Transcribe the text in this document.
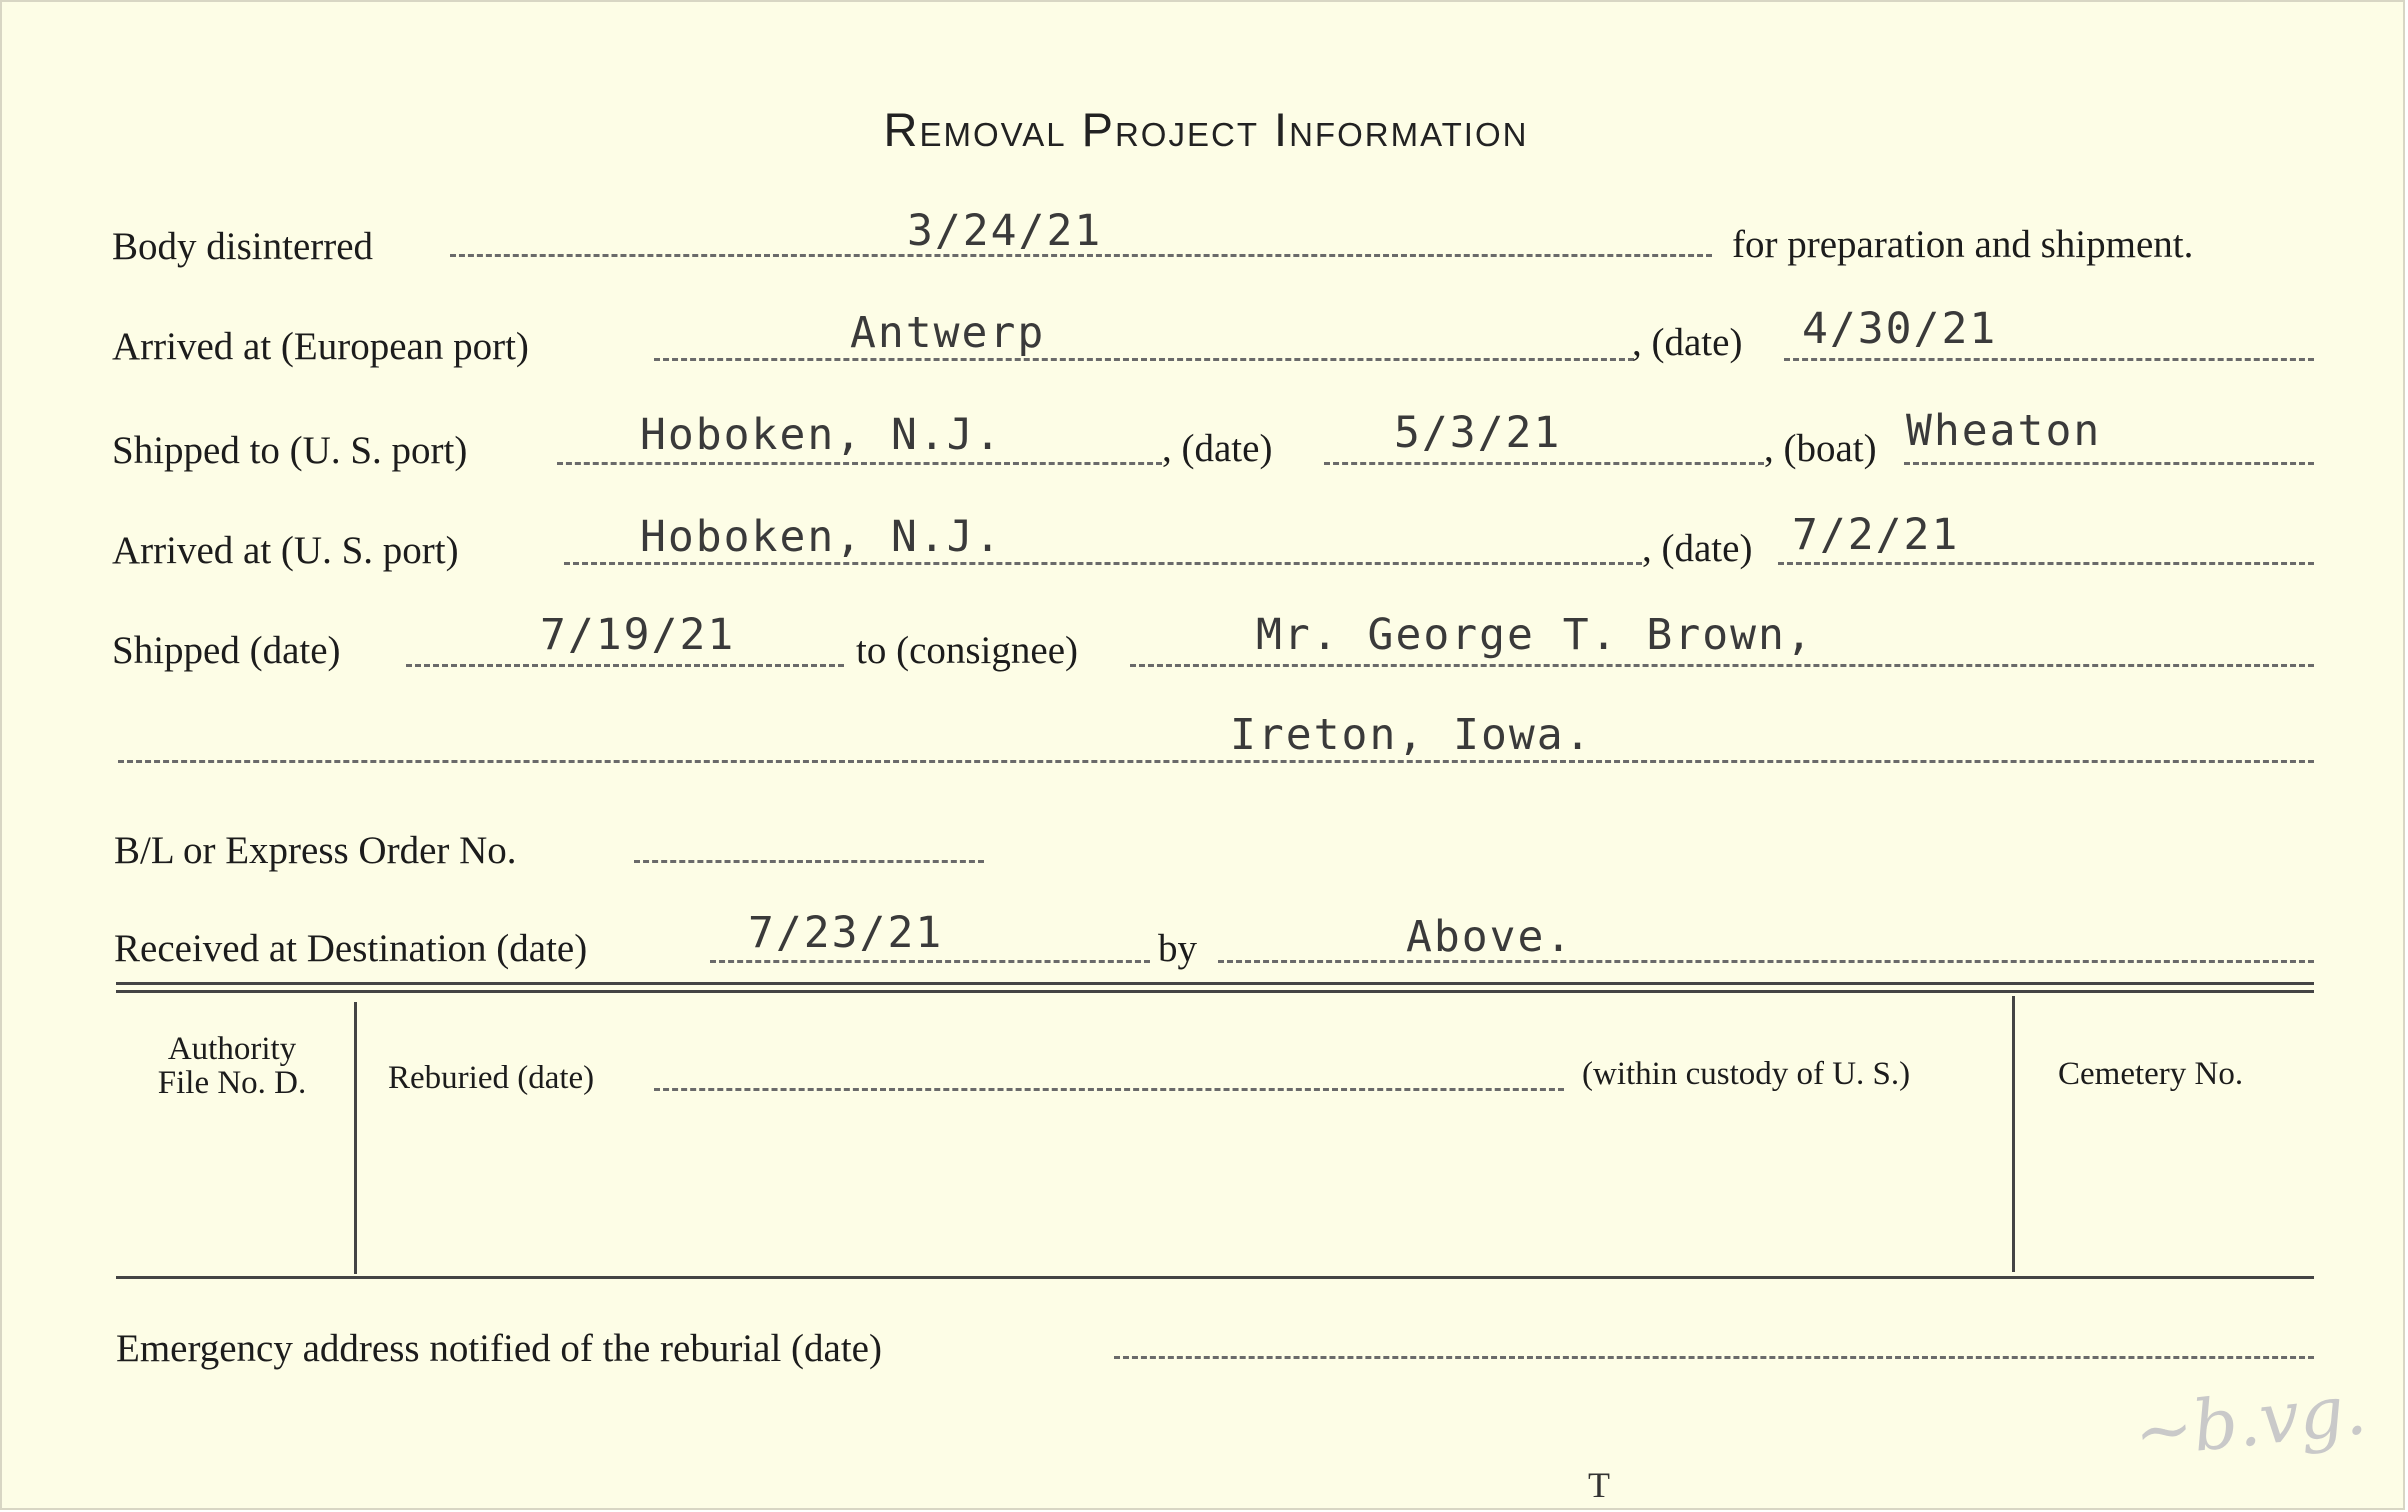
Removal Project Information
Body disinterred	3/24/21	for preparation and shipment.
Arrived at (European port)	Antwerp	, (date) 4/30/21
Shipped to (U. S. port)	Hoboken, N.J.	, (date)	5/3/21	, (boat) Wheaton
Arrived at (U. S. port)	Hoboken, N.J.	, (date) 7/2/21
Shipped (date)	7/19/21	to (consignee)	Mr. George T. Brown,
Ireton, Iowa.
B/L or Express Order No.
Received at Destination (date)	7/23/21	by	Above.
Authority
File No. D.	Reburied (date)	(within custody of U. S.)	Cemetery No.
Emergency address notified of the reburial (date)
~b.vg.
T
